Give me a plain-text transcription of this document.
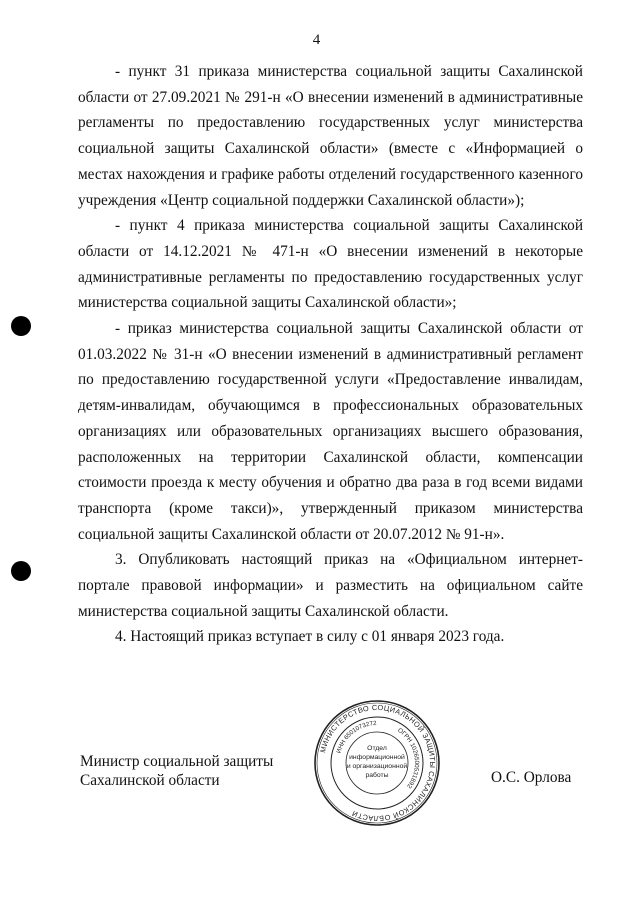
4

- пункт 31 приказа министерства социальной защиты Сахалинской области от 27.09.2021 № 291-н «О внесении изменений в административные регламенты по предоставлению государственных услуг министерства социальной защиты Сахалинской области» (вместе с «Информацией о местах нахождения и графике работы отделений государственного казенного учреждения «Центр социальной поддержки Сахалинской области»);

- пункт 4 приказа министерства социальной защиты Сахалинской области от 14.12.2021 № 471-н «О внесении изменений в некоторые административные регламенты по предоставлению государственных услуг министерства социальной защиты Сахалинской области»;

- приказ министерства социальной защиты Сахалинской области от 01.03.2022 № 31-н «О внесении изменений в административный регламент по предоставлению государственной услуги «Предоставление инвалидам, детям-инвалидам, обучающимся в профессиональных образовательных организациях или образовательных организациях высшего образования, расположенных на территории Сахалинской области, компенсации стоимости проезда к месту обучения и обратно два раза в год всеми видами транспорта (кроме такси)», утвержденный приказом министерства социальной защиты Сахалинской области от 20.07.2012 № 91-н».

3. Опубликовать настоящий приказ на «Официальном интернет-портале правовой информации» и разместить на официальном сайте министерства социальной защиты Сахалинской области.

4. Настоящий приказ вступает в силу с 01 января 2023 года.

Министр социальной защиты
Сахалинской области	О.С. Орлова
МИНИСТЕРСТВО СОЦИАЛЬНОЙ ЗАЩИТЫ САХАЛИНСКОЙ ОБЛАСТИ
ОГРН 1026500531892
ИНН 6501073272
Отдел
информационной
и организационной
работы
